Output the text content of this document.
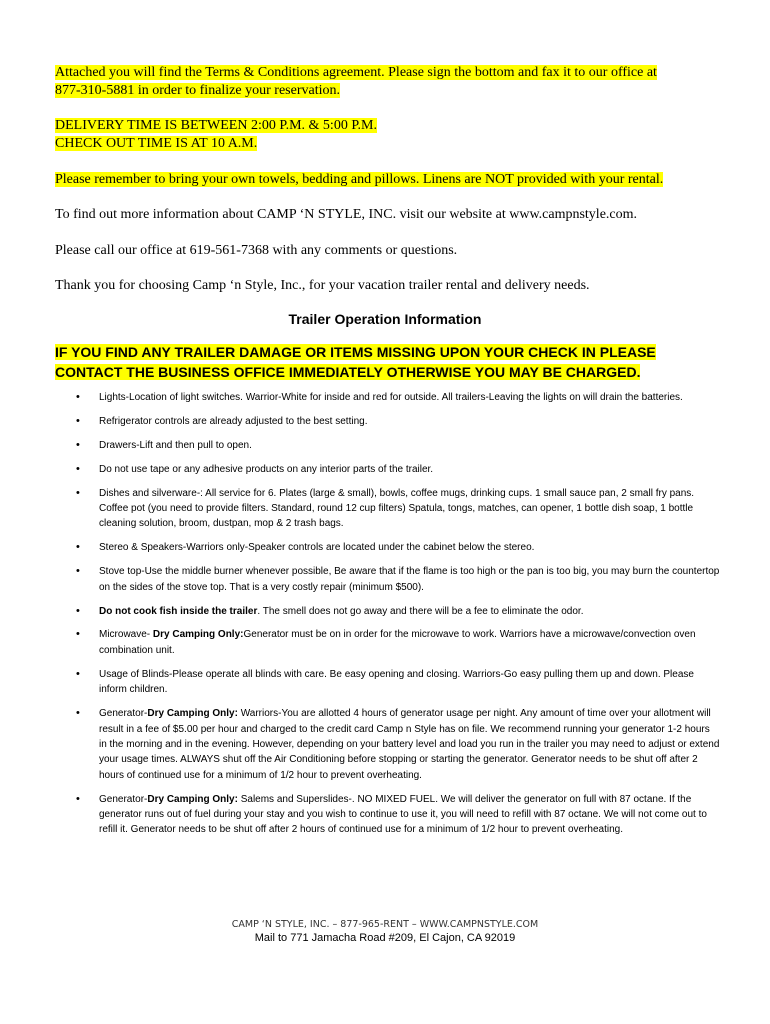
Attached you will find the Terms & Conditions agreement. Please sign the bottom and fax it to our office at
877-310-5881 in order to finalize your reservation.
DELIVERY TIME IS BETWEEN 2:00 P.M. & 5:00 P.M.
CHECK OUT TIME IS AT 10 A.M.
Please remember to bring your own towels, bedding and pillows. Linens are NOT provided with your rental.
To find out more information about CAMP ‘N STYLE, INC. visit our website at www.campnstyle.com.
Please call our office at 619-561-7368 with any comments or questions.
Thank you for choosing Camp ‘n Style, Inc., for your vacation trailer rental and delivery needs.
Trailer Operation Information
IF YOU FIND ANY TRAILER DAMAGE OR ITEMS MISSING UPON YOUR CHECK IN PLEASE
CONTACT THE BUSINESS OFFICE IMMEDIATELY OTHERWISE YOU MAY BE CHARGED.
• Lights-Location of light switches. Warrior-White for inside and red for outside. All trailers-Leaving the lights on will drain the batteries.
• Refrigerator controls are already adjusted to the best setting.
• Drawers-Lift and then pull to open.
• Do not use tape or any adhesive products on any interior parts of the trailer.
• Dishes and silverware-: All service for 6. Plates (large & small), bowls, coffee mugs, drinking cups. 1 small sauce pan, 2 small fry pans. Coffee pot (you need to provide filters. Standard, round 12 cup filters) Spatula, tongs, matches, can opener, 1 bottle dish soap, 1 bottle cleaning solution, broom, dustpan, mop & 2 trash bags.
• Stereo & Speakers-Warriors only-Speaker controls are located under the cabinet below the stereo.
• Stove top-Use the middle burner whenever possible, Be aware that if the flame is too high or the pan is too big, you may burn the countertop on the sides of the stove top. That is a very costly repair (minimum $500).
• Do not cook fish inside the trailer. The smell does not go away and there will be a fee to eliminate the odor.
• Microwave- Dry Camping Only:Generator must be on in order for the microwave to work. Warriors have a microwave/convection oven combination unit.
• Usage of Blinds-Please operate all blinds with care. Be easy opening and closing. Warriors-Go easy pulling them up and down. Please inform children.
• Generator-Dry Camping Only: Warriors-You are allotted 4 hours of generator usage per night. Any amount of time over your allotment will result in a fee of $5.00 per hour and charged to the credit card Camp n Style has on file. We recommend running your generator 1-2 hours in the morning and in the evening. However, depending on your battery level and load you run in the trailer you may need to adjust or extend your usage times. ALWAYS shut off the Air Conditioning before stopping or starting the generator. Generator needs to be shut off after 2 hours of continued use for a minimum of 1/2 hour to prevent overheating.
• Generator-Dry Camping Only: Salems and Superslides-. NO MIXED FUEL. We will deliver the generator on full with 87 octane. If the generator runs out of fuel during your stay and you wish to continue to use it, you will need to refill with 87 octane. We will not come out to refill it. Generator needs to be shut off after 2 hours of continued use for a minimum of 1/2 hour to prevent overheating.
CAMP ‘N STYLE, INC. – 877-965-RENT – WWW.CAMPNSTYLE.COM
Mail to 771 Jamacha Road #209, El Cajon, CA 92019
